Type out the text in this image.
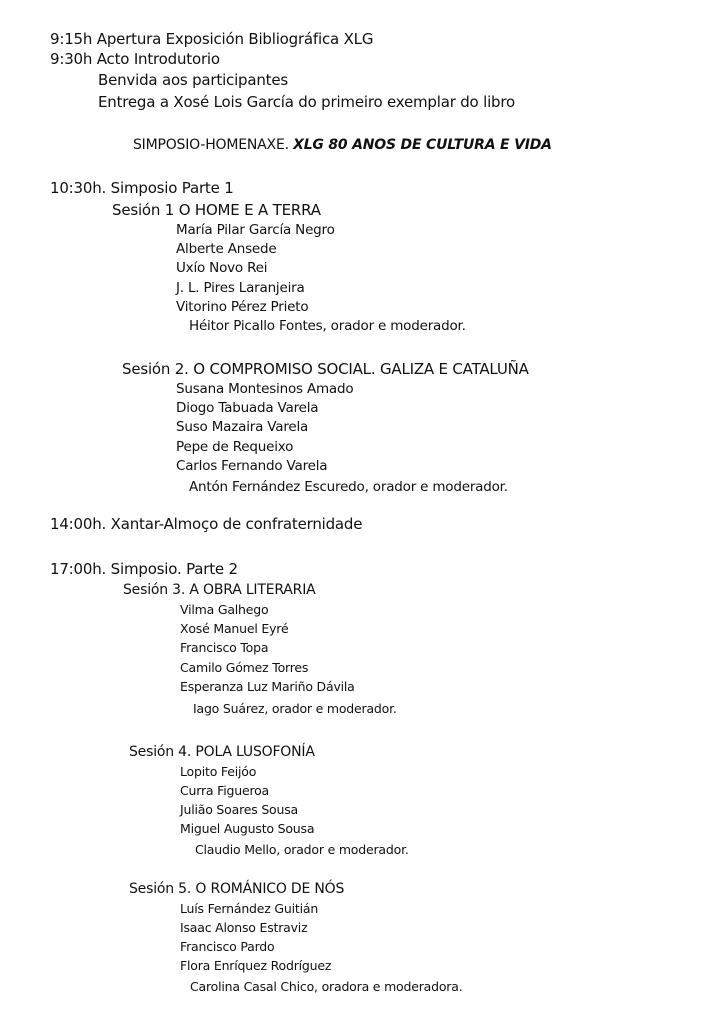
9:15h Apertura Exposición Bibliográfica XLG
9:30h Acto Introdutorio
Benvida aos participantes
Entrega a Xosé Lois García do primeiro exemplar do libro
SIMPOSIO-HOMENAXE. XLG 80 ANOS DE CULTURA E VIDA
10:30h. Simposio Parte 1
Sesión 1 O HOME E A TERRA
María Pilar García Negro
Alberte Ansede
Uxío Novo Rei
J. L. Pires Laranjeira
Vitorino Pérez Prieto
Héitor Picallo Fontes, orador e moderador.
Sesión 2. O COMPROMISO SOCIAL. GALIZA E CATALUÑA
Susana Montesinos Amado
Diogo Tabuada Varela
Suso Mazaira Varela
Pepe de Requeixo
Carlos Fernando Varela
Antón Fernández Escuredo, orador e moderador.
14:00h. Xantar-Almoço de confraternidade
17:00h. Simposio. Parte 2
Sesión 3. A OBRA LITERARIA
Vilma Galhego
Xosé Manuel Eyré
Francisco Topa
Camilo Gómez Torres
Esperanza Luz Mariño Dávila
Iago Suárez, orador e moderador.
Sesión 4. POLA LUSOFONÍA
Lopito Feijóo
Curra Figueroa
Julião Soares Sousa
Miguel Augusto Sousa
Claudio Mello, orador e moderador.
Sesión 5. O ROMÁNICO DE NÓS
Luís Fernández Guitián
Isaac Alonso Estraviz
Francisco Pardo
Flora Enríquez Rodríguez
Carolina Casal Chico, oradora e moderadora.
